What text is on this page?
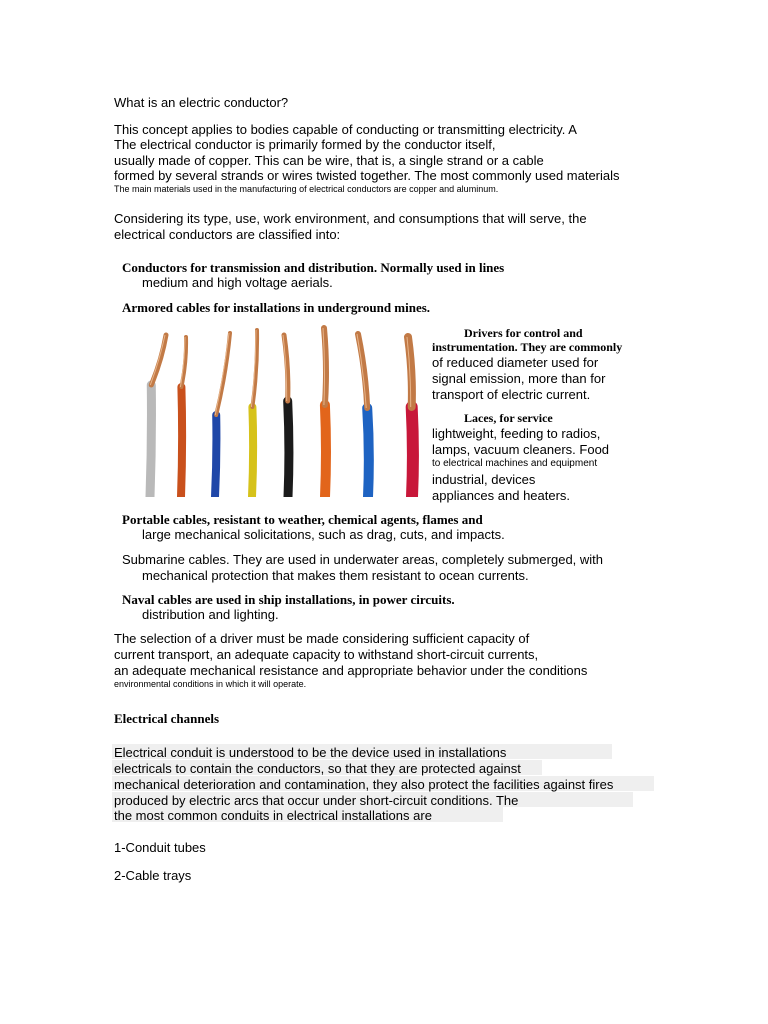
What is an electric conductor?
This concept applies to bodies capable of conducting or transmitting electricity. A
The electrical conductor is primarily formed by the conductor itself,
usually made of copper. This can be wire, that is, a single strand or a cable
formed by several strands or wires twisted together. The most commonly used materials
The main materials used in the manufacturing of electrical conductors are copper and aluminum.
Considering its type, use, work environment, and consumptions that will serve, the
electrical conductors are classified into:
Conductors for transmission and distribution. Normally used in lines
medium and high voltage aerials.
Armored cables for installations in underground mines.
Drivers for control and
instrumentation. They are commonly
of reduced diameter used for
signal emission, more than for
transport of electric current.
Laces, for service
lightweight, feeding to radios,
lamps, vacuum cleaners. Food
to electrical machines and equipment
industrial, devices
appliances and heaters.
Portable cables, resistant to weather, chemical agents, flames and
large mechanical solicitations, such as drag, cuts, and impacts.
Submarine cables. They are used in underwater areas, completely submerged, with
mechanical protection that makes them resistant to ocean currents.
Naval cables are used in ship installations, in power circuits.
distribution and lighting.
The selection of a driver must be made considering sufficient capacity of
current transport, an adequate capacity to withstand short-circuit currents,
an adequate mechanical resistance and appropriate behavior under the conditions
environmental conditions in which it will operate.
Electrical channels
Electrical conduit is understood to be the device used in installations
electricals to contain the conductors, so that they are protected against
mechanical deterioration and contamination, they also protect the facilities against fires
produced by electric arcs that occur under short-circuit conditions. The
the most common conduits in electrical installations are
1-Conduit tubes
2-Cable trays
